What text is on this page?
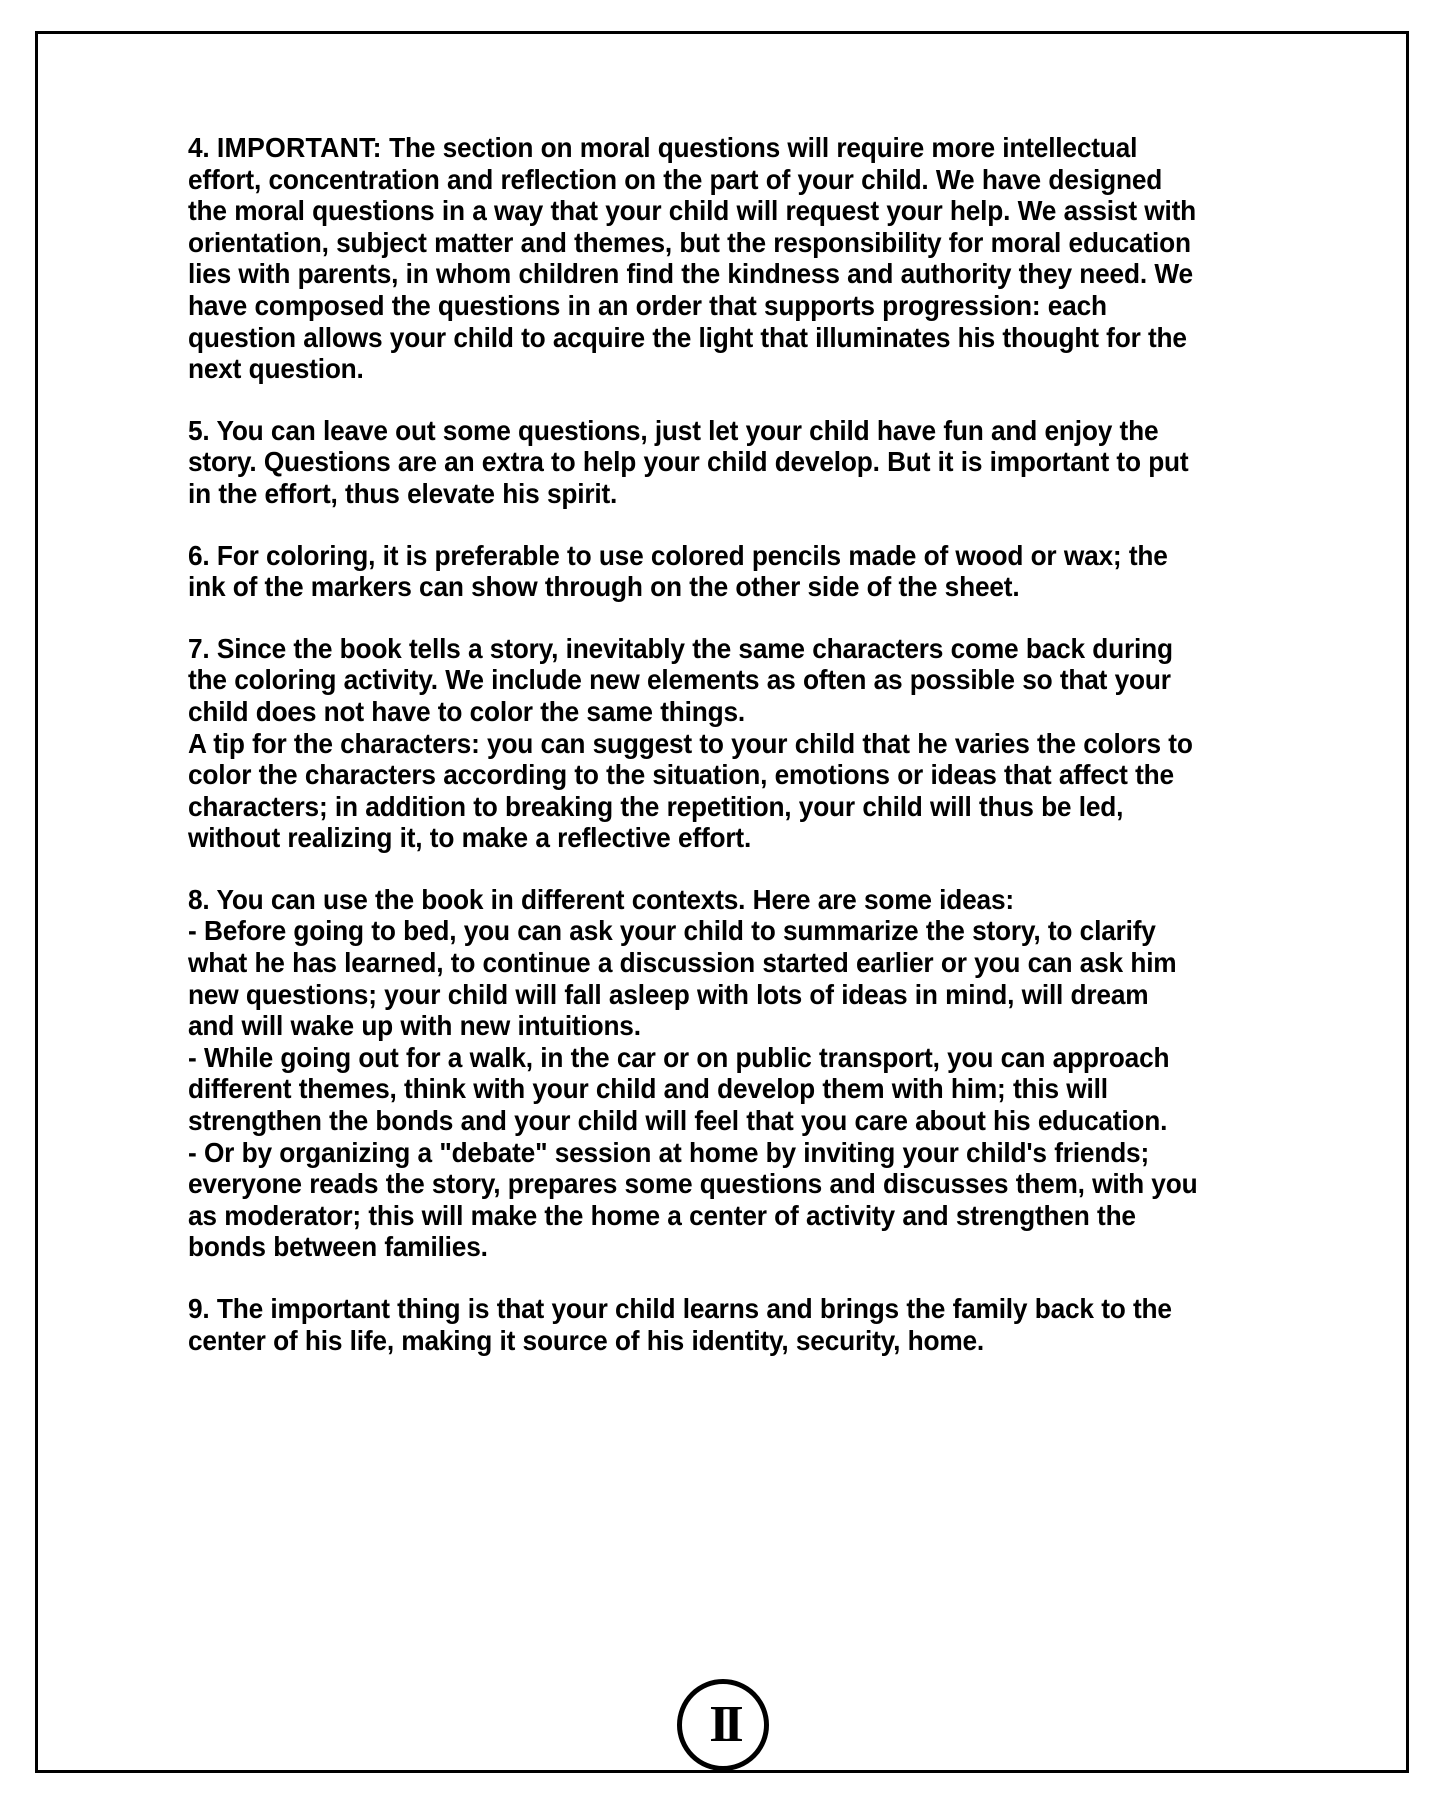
4. IMPORTANT: The section on moral questions will require more intellectual effort, concentration and reflection on the part of your child. We have designed the moral questions in a way that your child will request your help. We assist with orientation, subject matter and themes, but the responsibility for moral education lies with parents, in whom children find the kindness and authority they need. We have composed the questions in an order that supports progression: each question allows your child to acquire the light that illuminates his thought for the next question.

5. You can leave out some questions, just let your child have fun and enjoy the story. Questions are an extra to help your child develop. But it is important to put in the effort, thus elevate his spirit.

6. For coloring, it is preferable to use colored pencils made of wood or wax; the ink of the markers can show through on the other side of the sheet.

7. Since the book tells a story, inevitably the same characters come back during the coloring activity. We include new elements as often as possible so that your child does not have to color the same things.

A tip for the characters: you can suggest to your child that he varies the colors to color the characters according to the situation, emotions or ideas that affect the characters; in addition to breaking the repetition, your child will thus be led, without realizing it, to make a reflective effort.

8. You can use the book in different contexts. Here are some ideas:

- Before going to bed, you can ask your child to summarize the story, to clarify what he has learned, to continue a discussion started earlier or you can ask him new questions; your child will fall asleep with lots of ideas in mind, will dream and will wake up with new intuitions.

- While going out for a walk, in the car or on public transport, you can approach different themes, think with your child and develop them with him; this will strengthen the bonds and your child will feel that you care about his education.

- Or by organizing a "debate" session at home by inviting your child's friends; everyone reads the story, prepares some questions and discusses them, with you as moderator; this will make the home a center of activity and strengthen the bonds between families.

9. The important thing is that your child learns and brings the family back to the center of his life, making it source of his identity, security, home.

II
